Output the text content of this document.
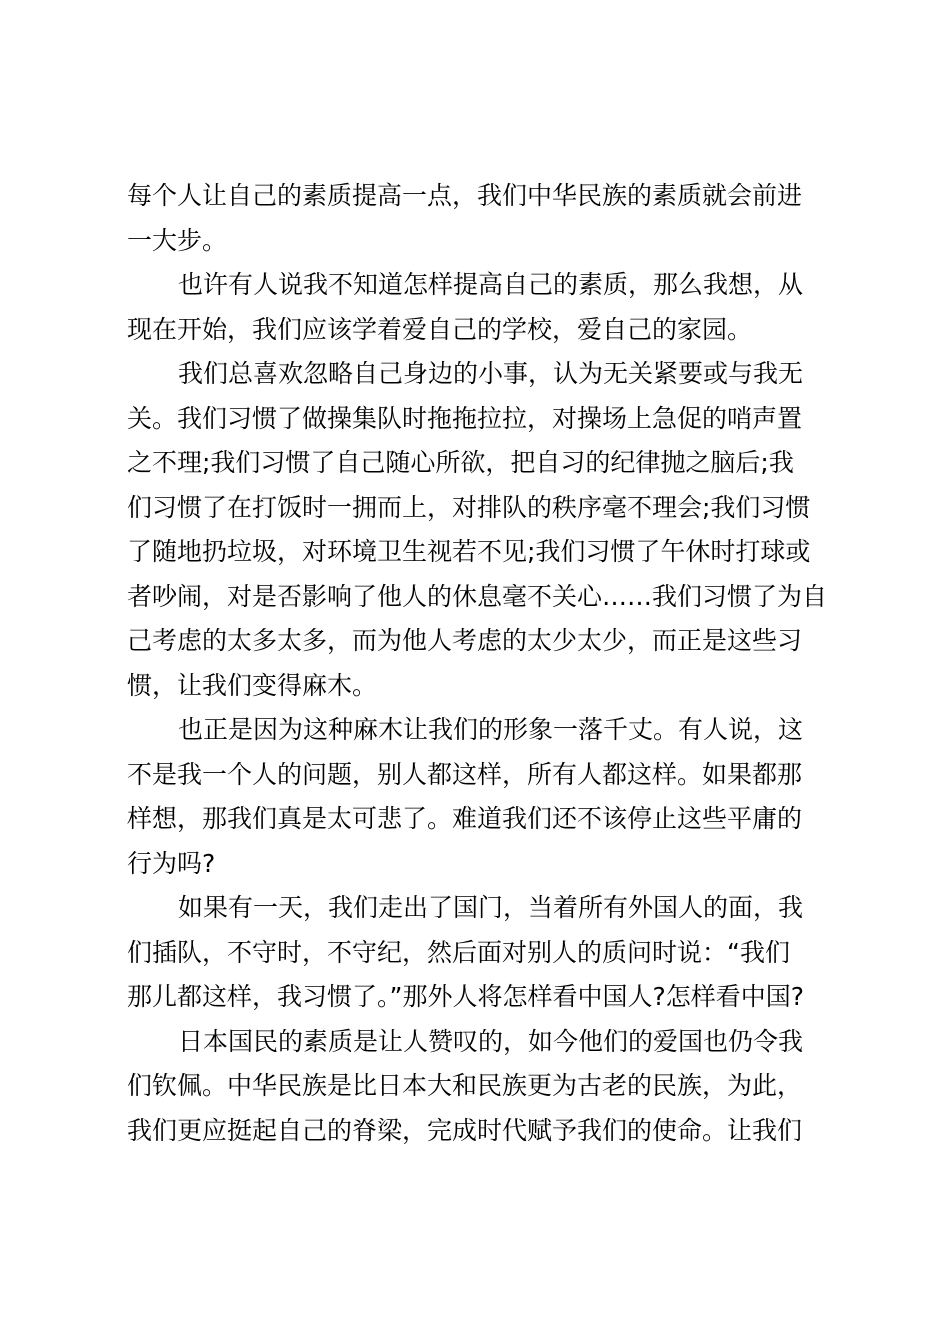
每个人让自己的素质提高一点，我们中华民族的素质就会前进
一大步。
也许有人说我不知道怎样提高自己的素质，那么我想，从
现在开始，我们应该学着爱自己的学校，爱自己的家园。
我们总喜欢忽略自己身边的小事，认为无关紧要或与我无
关。我们习惯了做操集队时拖拖拉拉，对操场上急促的哨声置
之不理;我们习惯了自己随心所欲，把自习的纪律抛之脑后;我
们习惯了在打饭时一拥而上，对排队的秩序毫不理会;我们习惯
了随地扔垃圾，对环境卫生视若不见;我们习惯了午休时打球或
者吵闹，对是否影响了他人的休息毫不关心……我们习惯了为自
己考虑的太多太多，而为他人考虑的太少太少，而正是这些习
惯，让我们变得麻木。
也正是因为这种麻木让我们的形象一落千丈。有人说，这
不是我一个人的问题，别人都这样，所有人都这样。如果都那
样想，那我们真是太可悲了。难道我们还不该停止这些平庸的
行为吗?
如果有一天，我们走出了国门，当着所有外国人的面，我
们插队，不守时，不守纪，然后面对别人的质问时说：“我们
那儿都这样，我习惯了。”那外人将怎样看中国人?怎样看中国?
日本国民的素质是让人赞叹的，如今他们的爱国也仍令我
们钦佩。中华民族是比日本大和民族更为古老的民族，为此，
我们更应挺起自己的脊梁，完成时代赋予我们的使命。让我们
